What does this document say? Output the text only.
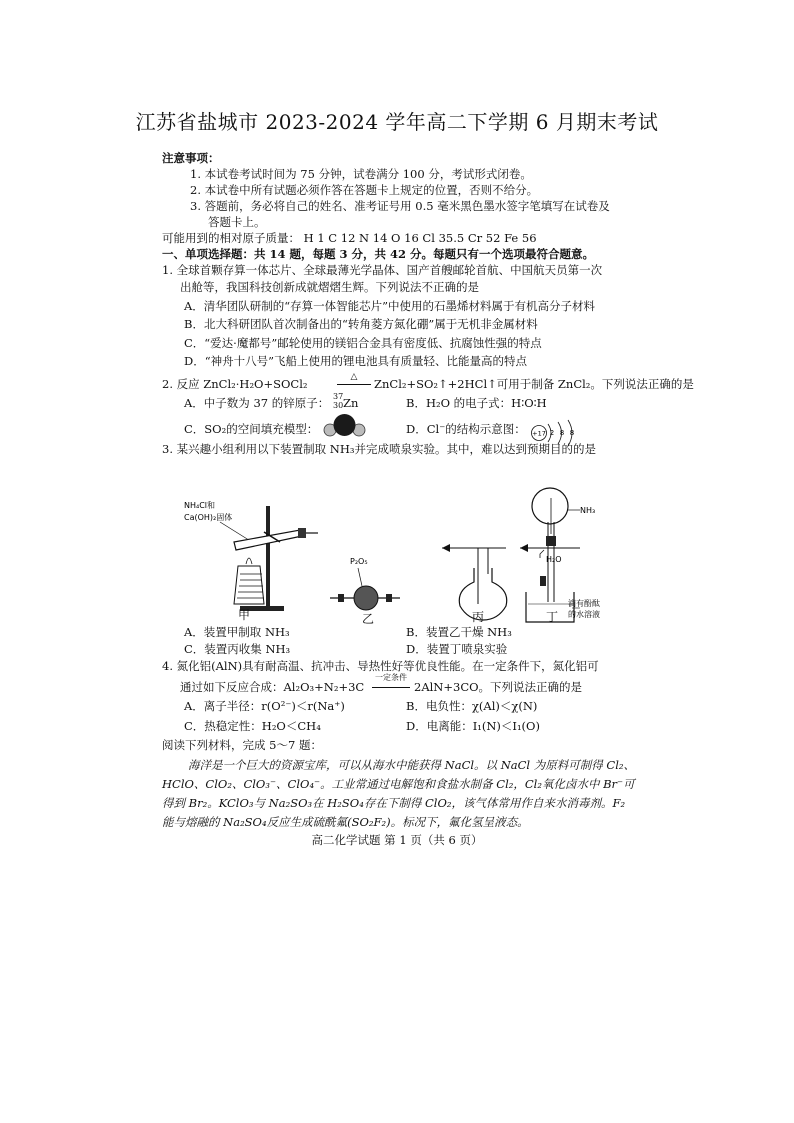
江苏省盐城市 2023-2024 学年高二下学期 6 月期末考试
注意事项：
1. 本试卷考试时间为 75 分钟，试卷满分 100 分，考试形式闭卷。
2. 本试卷中所有试题必须作答在答题卡上规定的位置，否则不给分。
3. 答题前，务必将自己的姓名、准考证号用 0.5 毫米黑色墨水签字笔填写在试卷及
答题卡上。
可能用到的相对原子质量： H 1 C 12 N 14 O 16 Cl 35.5 Cr 52 Fe 56
一、单项选择题：共 14 题，每题 3 分，共 42 分。每题只有一个选项最符合题意。
1. 全球首颗存算一体芯片、全球最薄光学晶体、国产首艘邮轮首航、中国航天员第一次
出舱等，我国科技创新成就熠熠生辉。下列说法不正确的是
A．清华团队研制的“存算一体智能芯片”中使用的石墨烯材料属于有机高分子材料
B．北大科研团队首次制备出的“转角菱方氮化硼”属于无机非金属材料
C．“爱达·魔都号”邮轮使用的镁铝合金具有密度低、抗腐蚀性强的特点
D．“神舟十八号”飞船上使用的锂电池具有质量轻、比能量高的特点
2. 反应 ZnCl₂·H₂O+SOCl₂	△	ZnCl₂+SO₂↑+2HCl↑可用于制备 ZnCl₂。下列说法正确的是
A．中子数为 37 的锌原子： 37
30 Zn	B．H₂O 的电子式：H∶O∶H
C．SO₂的空间填充模型：	D．Cl⁻的结构示意图： +17 2 8 8
3. 某兴趣小组利用以下装置制取 NH₃并完成喷泉实验。其中，难以达到预期目的的是
NH₄Cl和
Ca(OH)₂固体
P₂O₅
NH₃
H₂O
滴有酚酞
的水溶液
甲	乙	丙	丁
A．装置甲制取 NH₃	B．装置乙干燥 NH₃
C．装置丙收集 NH₃	D．装置丁喷泉实验
4. 氮化铝(AlN)具有耐高温、抗冲击、导热性好等优良性能。在一定条件下，氮化铝可
通过如下反应合成：Al₂O₃+N₂+3C
一定条件
2AlN+3CO。下列说法正确的是
A．离子半径：r(O²⁻)＜r(Na⁺)	B．电负性：χ(Al)＜χ(N)
C．热稳定性：H₂O＜CH₄	D．电离能：I₁(N)＜I₁(O)
阅读下列材料，完成 5～7 题：
海洋是一个巨大的资源宝库，可以从海水中能获得 NaCl。以 NaCl 为原料可制得 Cl₂、
HClO、ClO₂、ClO₃⁻、ClO₄⁻。工业常通过电解饱和食盐水制备 Cl₂，Cl₂氧化卤水中 Br⁻可
得到 Br₂。KClO₃与 Na₂SO₃在 H₂SO₄存在下制得 ClO₂，该气体常用作自来水消毒剂。F₂
能与熔融的 Na₂SO₄反应生成硫酰氟(SO₂F₂)。标况下，氟化氢呈液态。
高二化学试题 第 1 页（共 6 页）
